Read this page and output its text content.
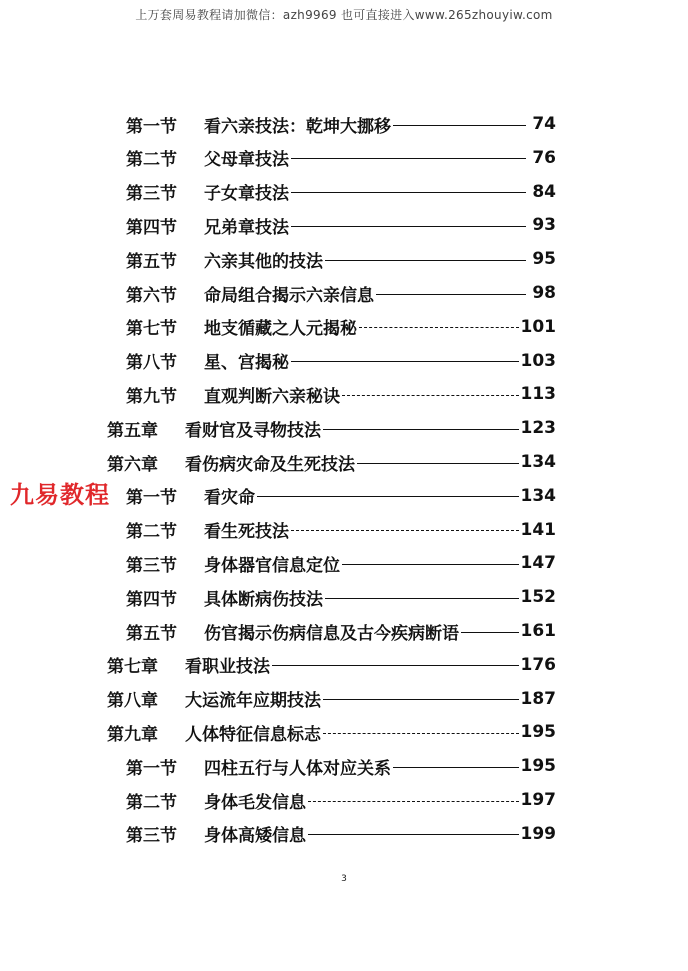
上万套周易教程请加微信：azh9969 也可直接进入www.265zhouyiw.com
第一节	看六亲技法：乾坤大挪移	74
第二节	父母章技法	76
第三节	子女章技法	84
第四节	兄弟章技法	93
第五节	六亲其他的技法	95
第六节	命局组合揭示六亲信息	98
第七节	地支循藏之人元揭秘	101
第八节	星、宫揭秘	103
第九节	直观判断六亲秘诀	113
第五章	看财官及寻物技法	123
第六章	看伤病灾命及生死技法	134
第一节	看灾命	134
第二节	看生死技法	141
第三节	身体器官信息定位	147
第四节	具体断病伤技法	152
第五节	伤官揭示伤病信息及古今疾病断语	161
第七章	看职业技法	176
第八章	大运流年应期技法	187
第九章	人体特征信息标志	195
第一节	四柱五行与人体对应关系	195
第二节	身体毛发信息	197
第三节	身体高矮信息	199
九易教程
3
